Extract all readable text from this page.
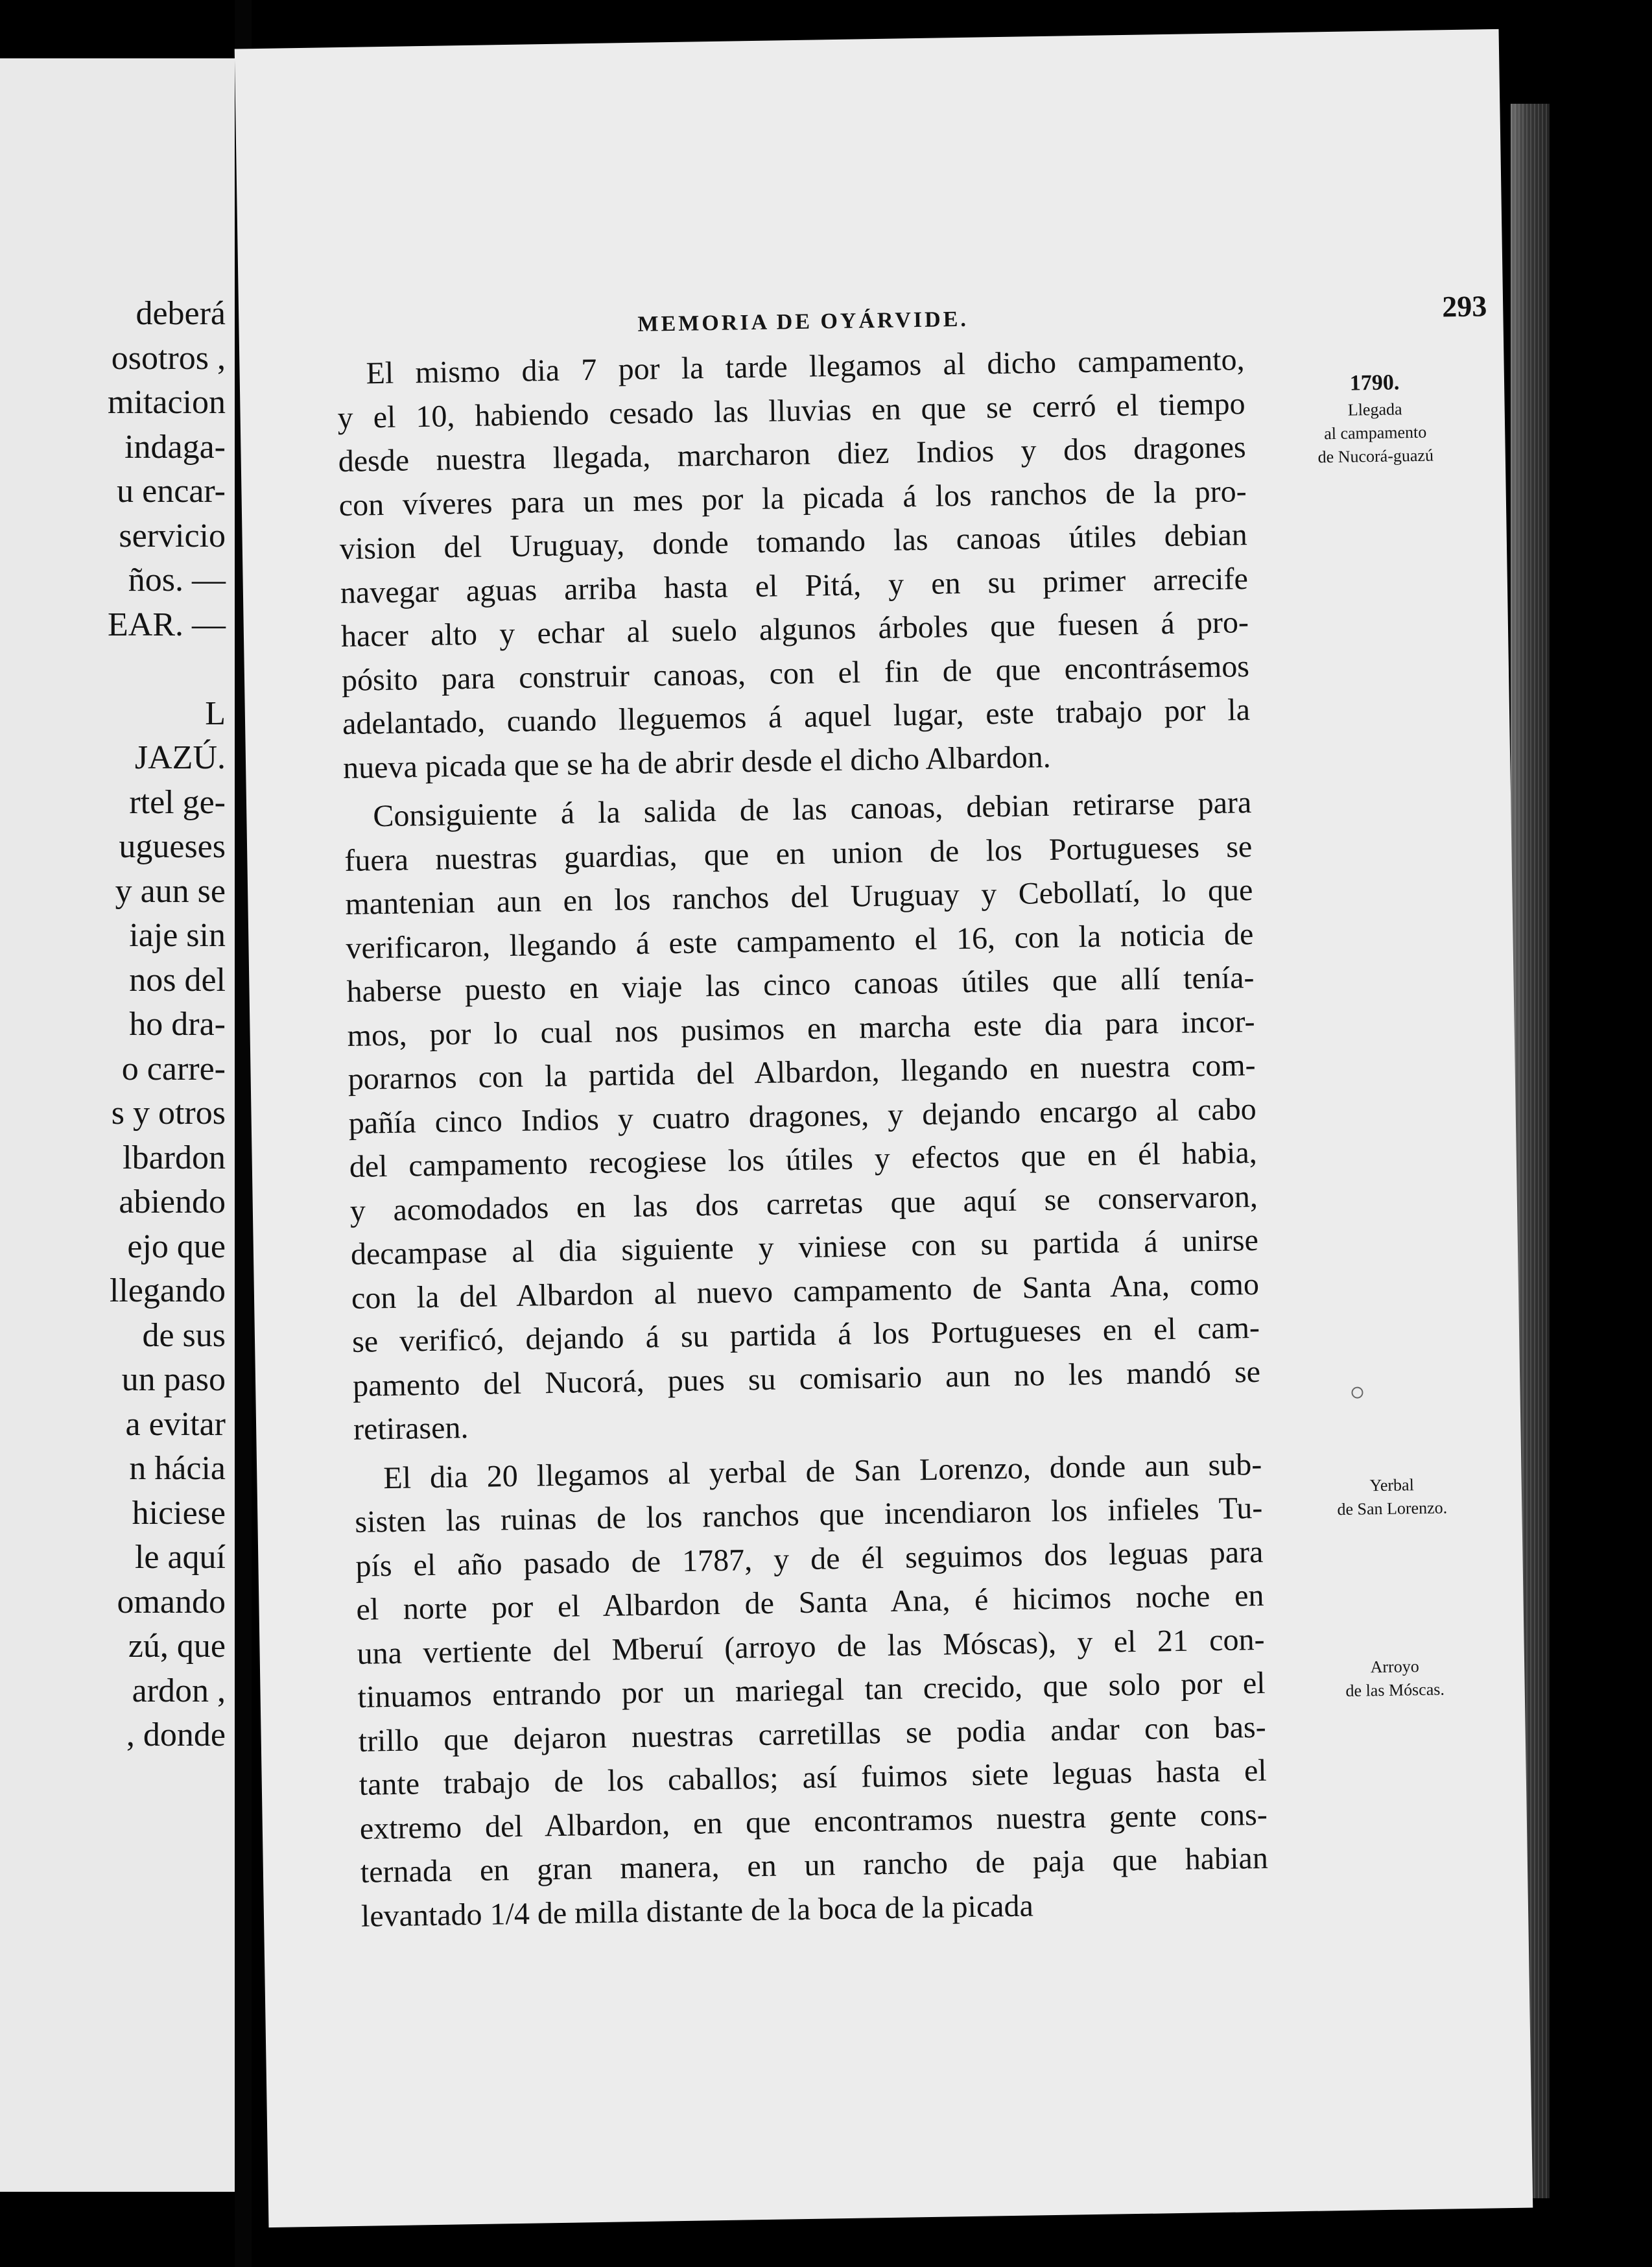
deberá
osotros ,
mitacion
indaga-
u encar-
servicio
ños. —
EAR. —
L
JAZÚ.
rtel ge-
ugueses
y aun se
iaje sin
nos del
ho dra-
o carre-
s y otros
lbardon
abiendo
ejo que
llegando
de sus
un paso
a evitar
n hácia
hiciese
le aquí
omando
zú, que
ardon ,
, donde
MEMORIA DE OYÁRVIDE.	293

El mismo dia 7 por la tarde llegamos al dicho campamento,
y el 10, habiendo cesado las lluvias en que se cerró el tiempo
desde nuestra llegada, marcharon diez Indios y dos dragones
con víveres para un mes por la picada á los ranchos de la pro-
vision del Uruguay, donde tomando las canoas útiles debian
navegar aguas arriba hasta el Pitá, y en su primer arrecife
hacer alto y echar al suelo algunos árboles que fuesen á pro-
pósito para construir canoas, con el fin de que encontrásemos
adelantado, cuando lleguemos á aquel lugar, este trabajo por la
nueva picada que se ha de abrir desde el dicho Albardon.

Consiguiente á la salida de las canoas, debian retirarse para
fuera nuestras guardias, que en union de los Portugueses se
mantenian aun en los ranchos del Uruguay y Cebollatí, lo que
verificaron, llegando á este campamento el 16, con la noticia de
haberse puesto en viaje las cinco canoas útiles que allí tenía-
mos, por lo cual nos pusimos en marcha este dia para incor-
porarnos con la partida del Albardon, llegando en nuestra com-
pañía cinco Indios y cuatro dragones, y dejando encargo al cabo
del campamento recogiese los útiles y efectos que en él habia,
y acomodados en las dos carretas que aquí se conservaron,
decampase al dia siguiente y viniese con su partida á unirse
con la del Albardon al nuevo campamento de Santa Ana, como
se verificó, dejando á su partida á los Portugueses en el cam-
pamento del Nucorá, pues su comisario aun no les mandó se
retirasen.

El dia 20 llegamos al yerbal de San Lorenzo, donde aun sub-
sisten las ruinas de los ranchos que incendiaron los infieles Tu-
pís el año pasado de 1787, y de él seguimos dos leguas para
el norte por el Albardon de Santa Ana, é hicimos noche en
una vertiente del Mberuí (arroyo de las Móscas), y el 21 con-
tinuamos entrando por un mariegal tan crecido, que solo por el
trillo que dejaron nuestras carretillas se podia andar con bas-
tante trabajo de los caballos; así fuimos siete leguas hasta el
extremo del Albardon, en que encontramos nuestra gente cons-
ternada en gran manera, en un rancho de paja que habian
levantado 1/4 de milla distante de la boca de la picada

1790.
Llegada
al campamento
de Nucorá-guazú
Yerbal
de San Lorenzo.
Arroyo
de las Móscas.
